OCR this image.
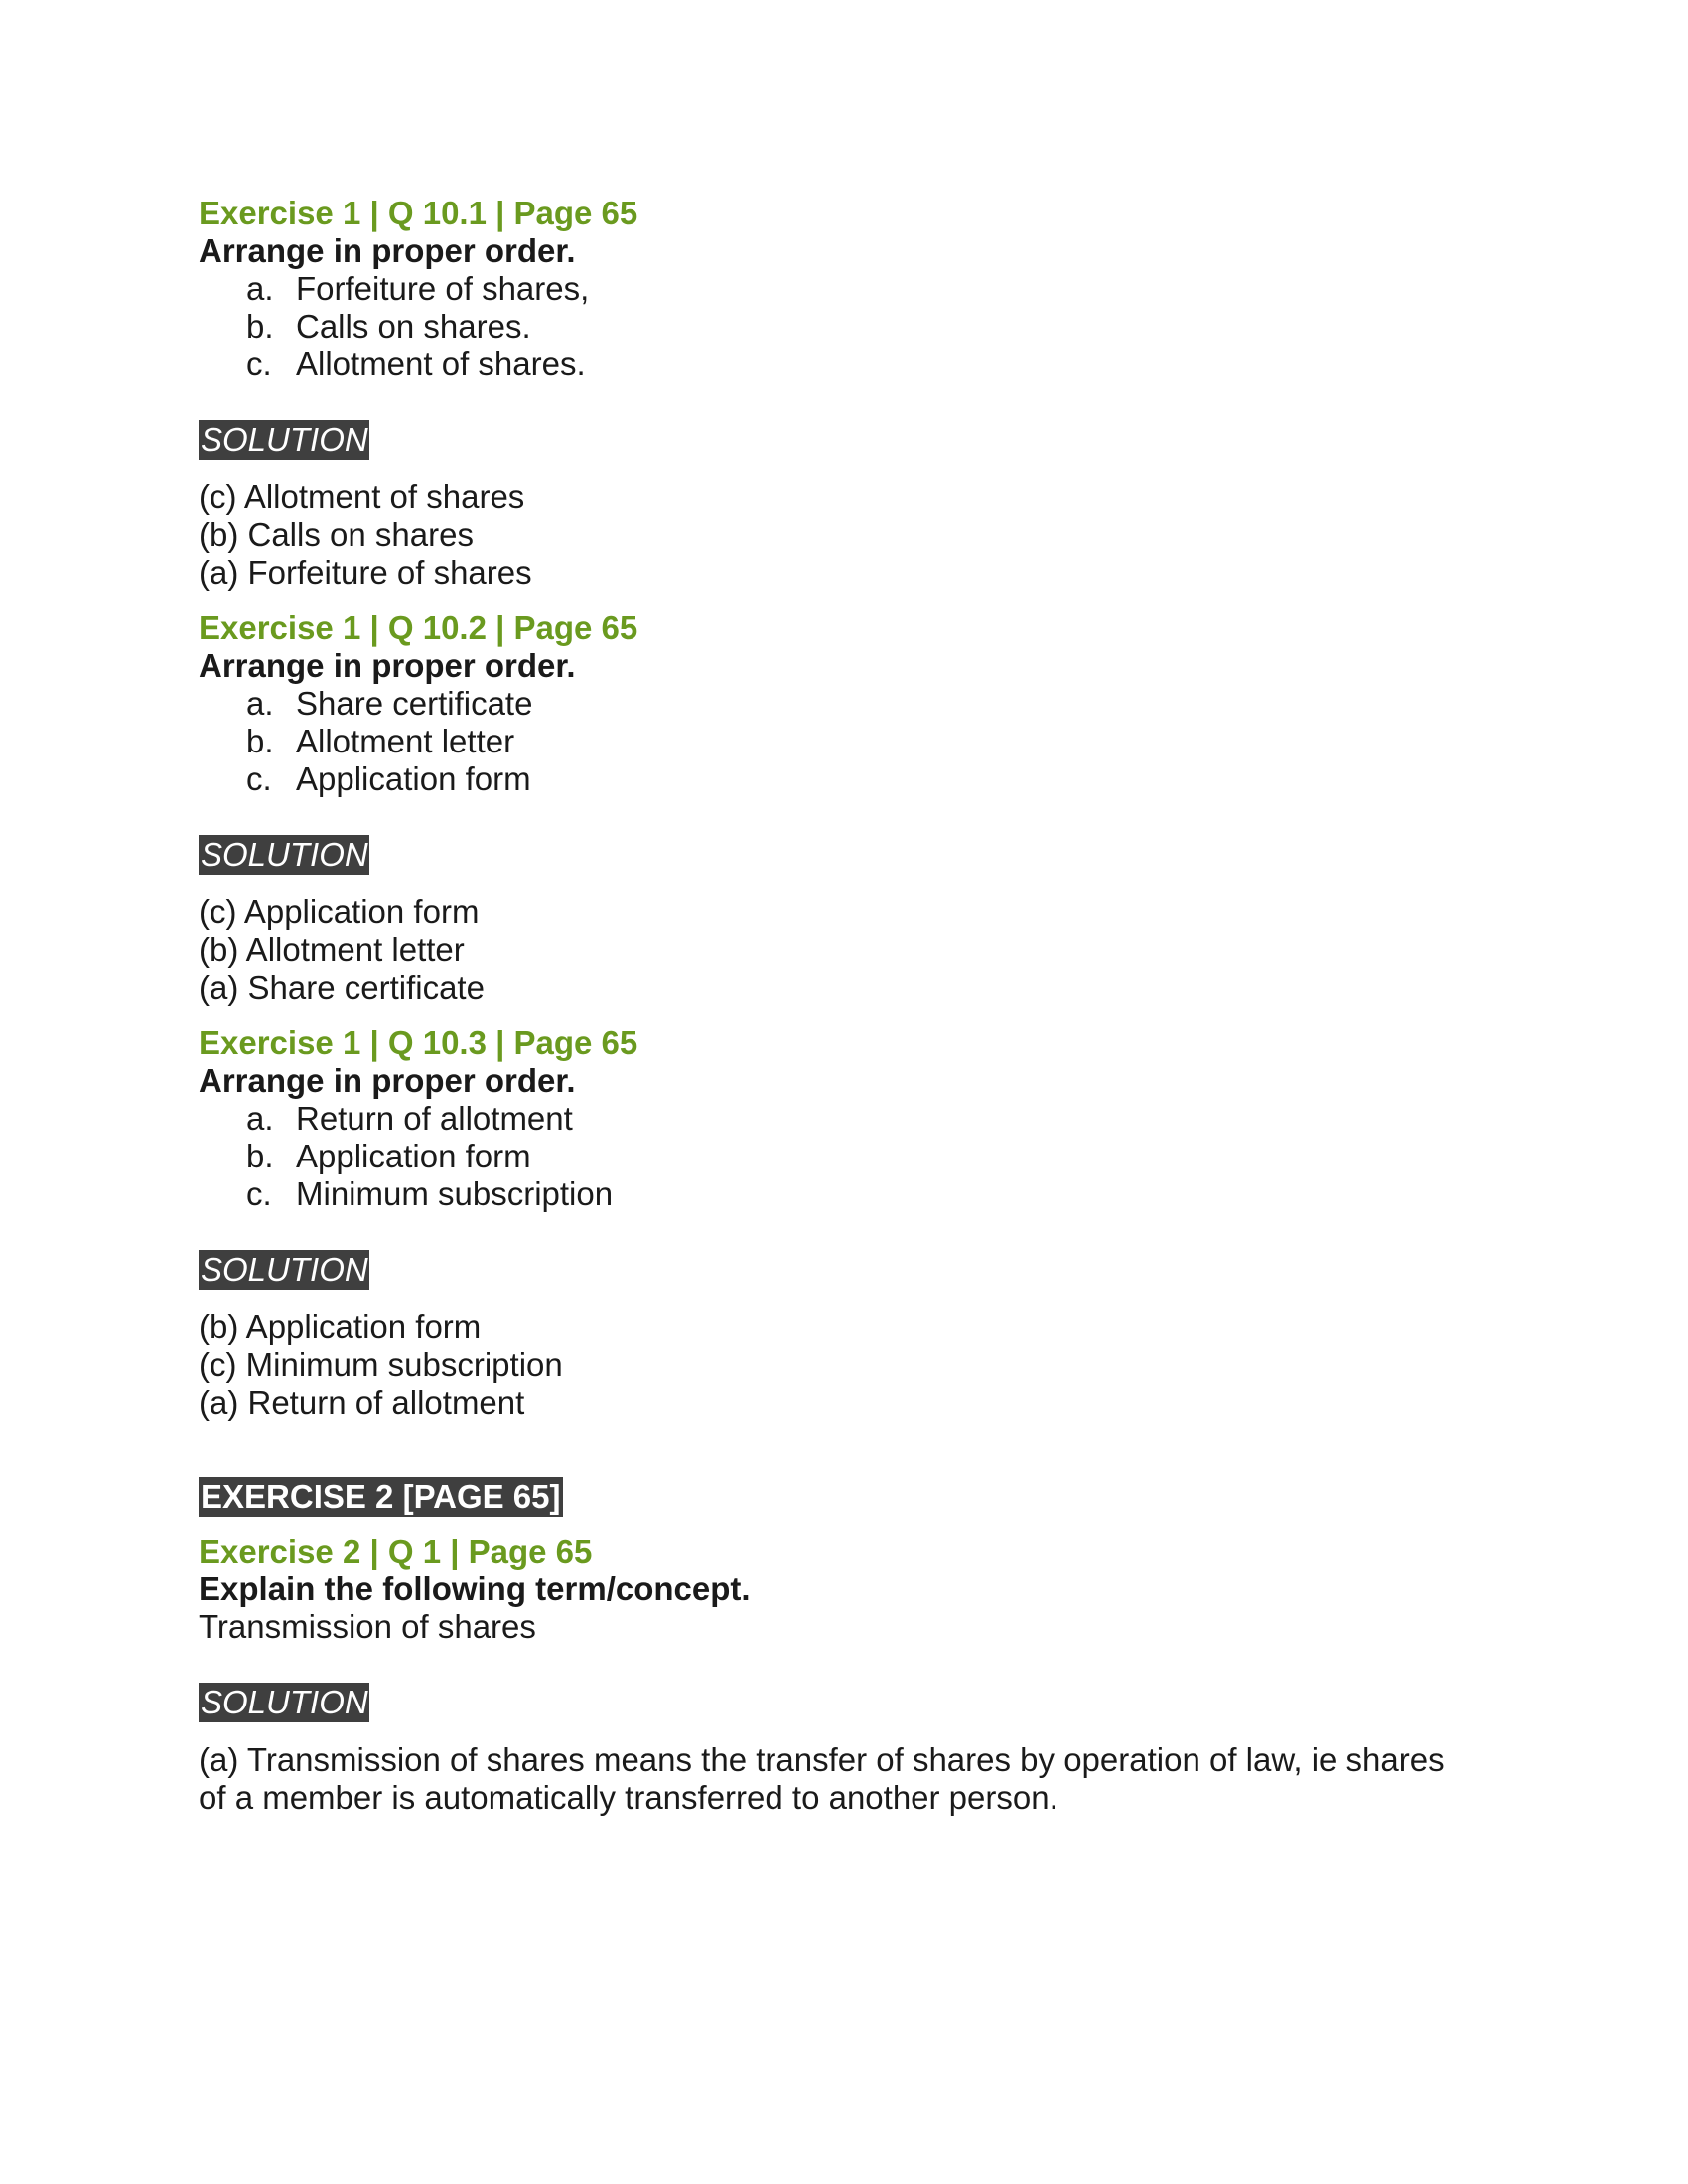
Exercise 1 | Q 10.1 | Page 65

Arrange in proper order.

a. Forfeiture of shares,
b. Calls on shares.
c. Allotment of shares.
SOLUTION

(c) Allotment of shares

(b) Calls on shares

(a) Forfeiture of shares

Exercise 1 | Q 10.2 | Page 65

Arrange in proper order.

a. Share certificate
b. Allotment letter
c. Application form
SOLUTION

(c) Application form

(b) Allotment letter

(a) Share certificate

Exercise 1 | Q 10.3 | Page 65

Arrange in proper order.

a. Return of allotment
b. Application form
c. Minimum subscription
SOLUTION

(b) Application form

(c) Minimum subscription

(a) Return of allotment

EXERCISE 2 [PAGE 65]

Exercise 2 | Q 1 | Page 65

Explain the following term/concept.

Transmission of shares

SOLUTION

(a) Transmission of shares means the transfer of shares by operation of law, ie shares

of a member is automatically transferred to another person.
